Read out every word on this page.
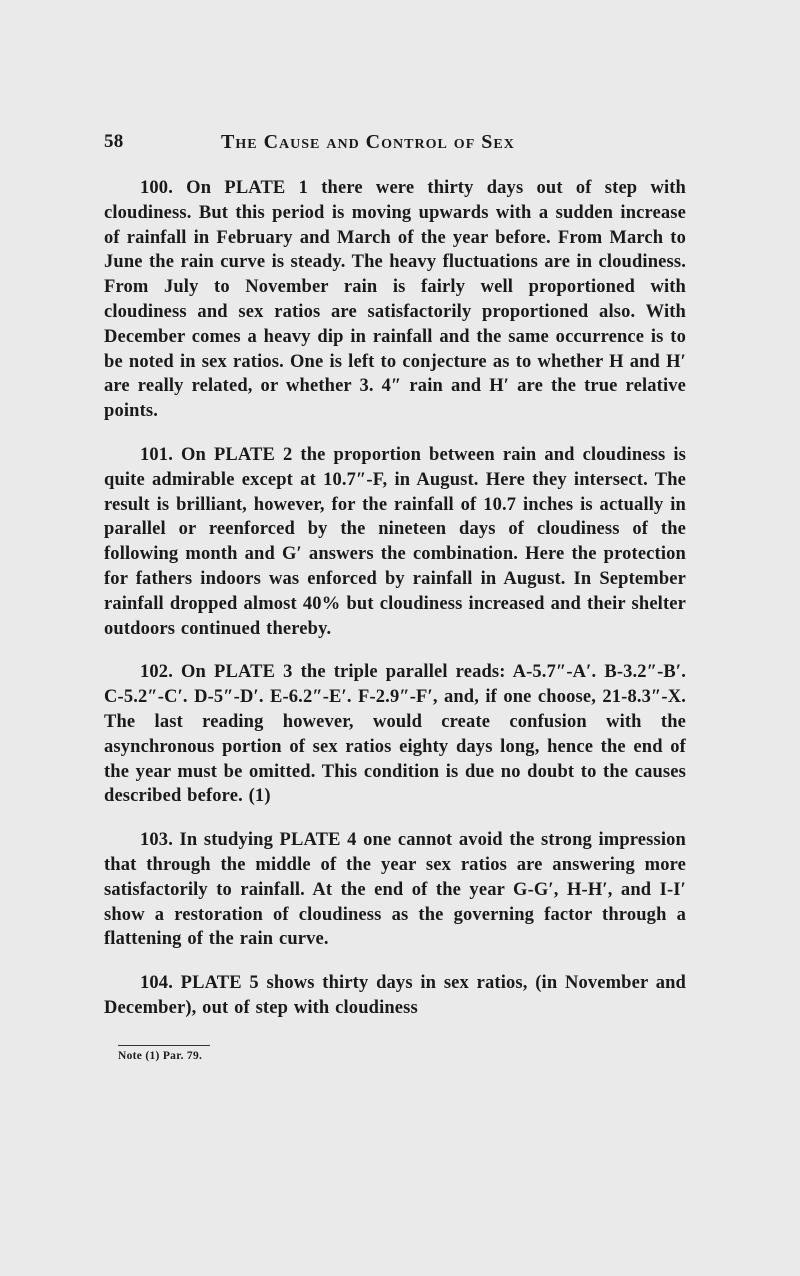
58	The Cause and Control of Sex

100. On PLATE 1 there were thirty days out of step with cloudiness. But this period is moving upwards with a sudden increase of rainfall in February and March of the year before. From March to June the rain curve is steady. The heavy fluctuations are in cloudiness. From July to November rain is fairly well proportioned with cloudiness and sex ratios are satisfactorily proportioned also. With December comes a heavy dip in rainfall and the same occurrence is to be noted in sex ratios. One is left to conjecture as to whether H and H′ are really related, or whether 3. 4″ rain and H′ are the true relative points.

101. On PLATE 2 the proportion between rain and cloudiness is quite admirable except at 10.7″-F, in August. Here they intersect. The result is brilliant, however, for the rainfall of 10.7 inches is actually in parallel or reenforced by the nineteen days of cloudiness of the following month and G′ answers the combination. Here the protection for fathers indoors was enforced by rainfall in August. In September rainfall dropped almost 40% but cloudiness increased and their shelter outdoors continued thereby.

102. On PLATE 3 the triple parallel reads: A-5.7″-A′. B-3.2″-B′. C-5.2″-C′. D-5″-D′. E-6.2″-E′. F-2.9″-F′, and, if one choose, 21-8.3″-X. The last reading however, would create confusion with the asynchronous portion of sex ratios eighty days long, hence the end of the year must be omitted. This condition is due no doubt to the causes described before. (1)

103. In studying PLATE 4 one cannot avoid the strong impression that through the middle of the year sex ratios are answering more satisfactorily to rainfall. At the end of the year G-G′, H-H′, and I-I′ show a restoration of cloudiness as the governing factor through a flattening of the rain curve.

104. PLATE 5 shows thirty days in sex ratios, (in November and December), out of step with cloudiness

Note (1) Par. 79.
